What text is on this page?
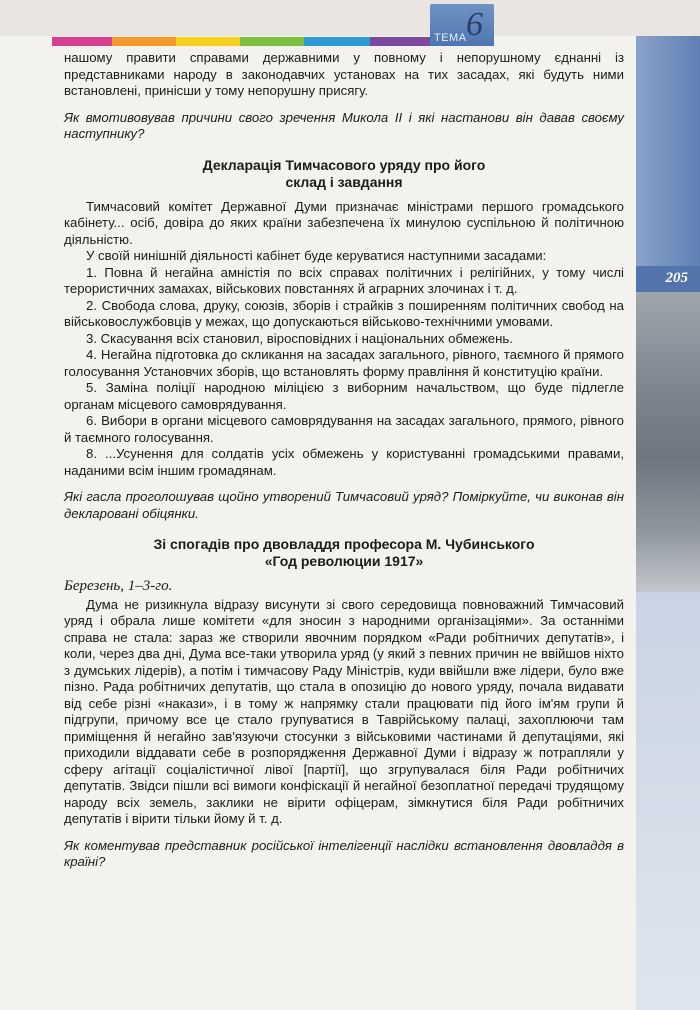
ТЕМА 6
205

нашому правити справами державними у повному і непорушному єднанні із представниками народу в законодавчих установах на тих засадах, які будуть ними встановлені, принісши у тому непорушну присягу.

Як вмотивовував причини свого зречення Микола II і які настанови він давав своєму наступнику?

Декларація Тимчасового уряду про його
склад і завдання

Тимчасовий комітет Державної Думи призначає міністрами першого громадського кабінету... осіб, довіра до яких країни забезпечена їх минулою суспільною й політичною діяльністю.

У своїй нинішній діяльності кабінет буде керуватися наступними засадами:

1. Повна й негайна амністія по всіх справах політичних і релігійних, у тому числі терористичних замахах, військових повстаннях й аграрних злочинах і т. д.

2. Свобода слова, друку, союзів, зборів і страйків з поширенням політичних свобод на військовослужбовців у межах, що допускаються військово-технічними умовами.

3. Скасування всіх становил, віросповідних і національних обмежень.

4. Негайна підготовка до скликання на засадах загального, рівного, таємного й прямого голосування Установчих зборів, що встановлять форму правління й конституцію країни.

5. Заміна поліції народною міліцією з виборним начальством, що буде підлегле органам місцевого самоврядування.

6. Вибори в органи місцевого самоврядування на засадах загального, прямого, рівного й таємного голосування.

8. ...Усунення для солдатів усіх обмежень у користуванні громадськими правами, наданими всім іншим громадянам.

Які гасла проголошував щойно утворений Тимчасовий уряд? Поміркуйте, чи виконав він декларовані обіцянки.

Зі спогадів про двовладдя професора М. Чубинського
«Год революции 1917»

Березень, 1–3-го.

Дума не ризикнула відразу висунути зі свого середовища повноважний Тимчасовий уряд і обрала лише комітети «для зносин з народними організаціями». За останніми справа не стала: зараз же створили явочним порядком «Ради робітничих депутатів», і коли, через два дні, Дума все-таки утворила уряд (у який з певних причин не ввійшов ніхто з думських лідерів), а потім і тимчасову Раду Міністрів, куди ввійшли вже лідери, було вже пізно. Рада робітничих депутатів, що стала в опозицію до нового уряду, почала видавати від себе різні «накази», і в тому ж напрямку стали працювати під його ім'ям групи й підгрупи, причому все це стало групуватися в Таврійському палаці, захоплюючи там приміщення й негайно зав'язуючи стосунки з військовими частинами й депутаціями, які приходили віддавати себе в розпорядження Державної Думи і відразу ж потрапляли у сферу агітації соціалістичної лівої [партії], що згрупувалася біля Ради робітничих депутатів. Звідси пішли всі вимоги конфіскації й негайної безоплатної передачі трудящому народу всіх земель, заклики не вірити офіцерам, зімкнутися біля Ради робітничих депутатів і вірити тільки йому й т. д.

Як коментував представник російської інтелігенції наслідки встановлення двовладдя в країні?
